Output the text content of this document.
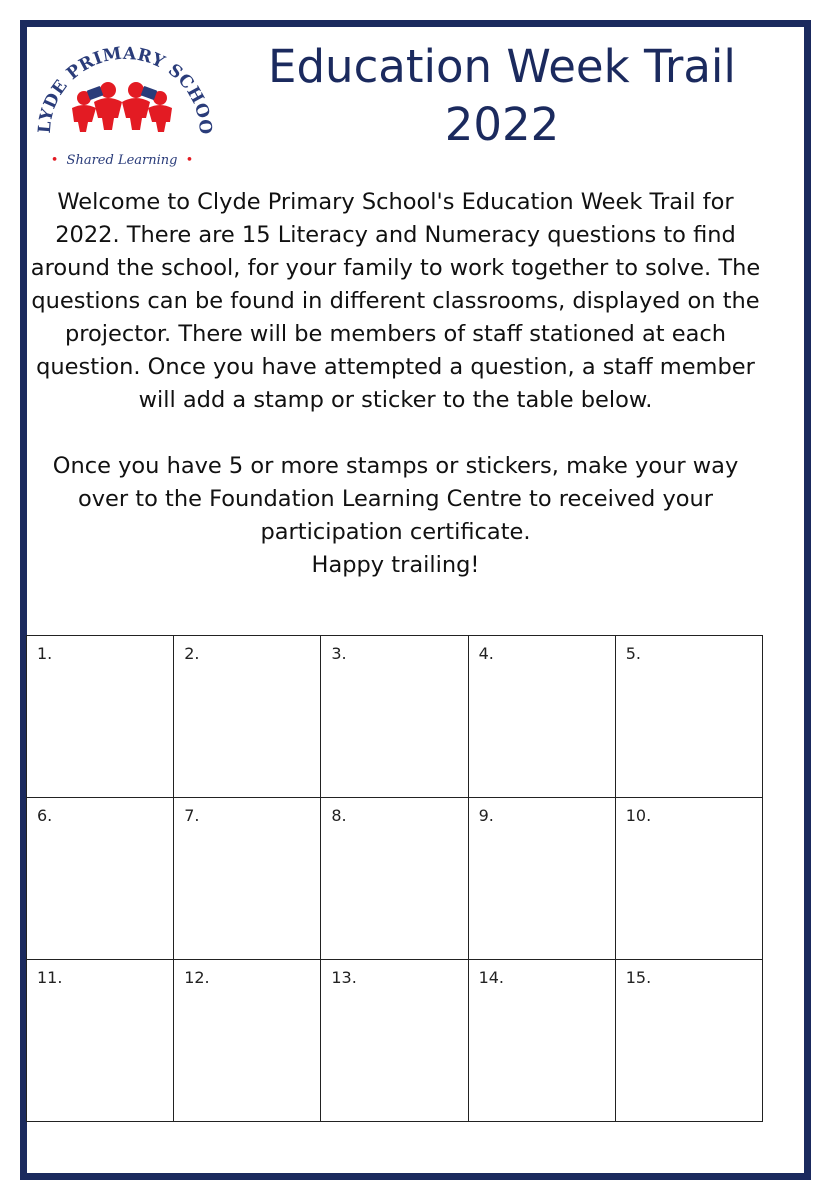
LYDE PRIMARY SCHOO
• Shared Learning •
Education Week Trail
2022

Welcome to Clyde Primary School's Education Week Trail for 2022. There are 15 Literacy and Numeracy questions to find around the school, for your family to work together to solve. The questions can be found in different classrooms, displayed on the projector. There will be members of staff stationed at each question. Once you have attempted a question, a staff member will add a stamp or sticker to the table below.

Once you have 5 or more stamps or stickers, make your way over to the Foundation Learning Centre to received your participation certificate.

Happy trailing!

1.	2.	3.	4.	5.
6.	7.	8.	9.	10.
11.	12.	13.	14.	15.
